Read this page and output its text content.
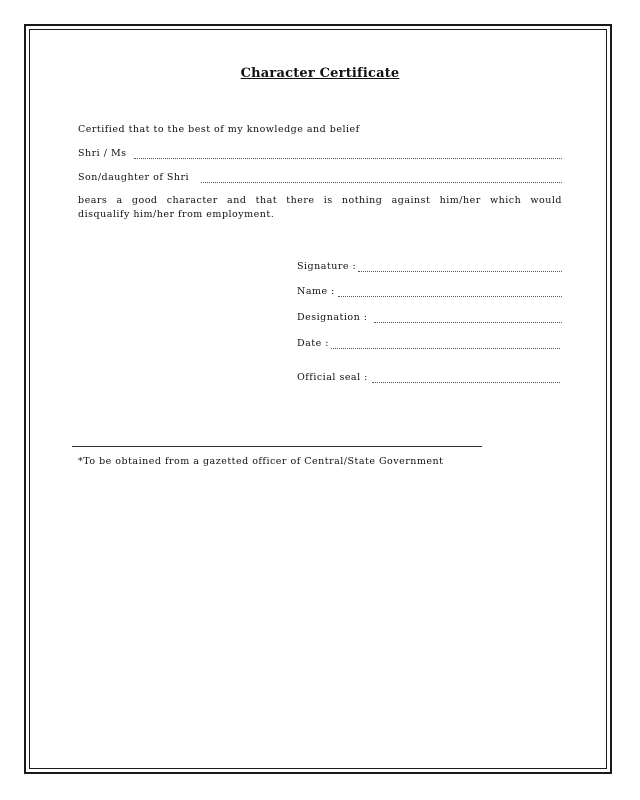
Character Certificate
Certified that to the best of my knowledge and belief
Shri / Ms
Son/daughter of Shri
bears a good character and that there is nothing against him/her which would
disqualify him/her from employment.
Signature :
Name :
Designation :
Date :
Official seal :
*To be obtained from a gazetted officer of Central/State Government
